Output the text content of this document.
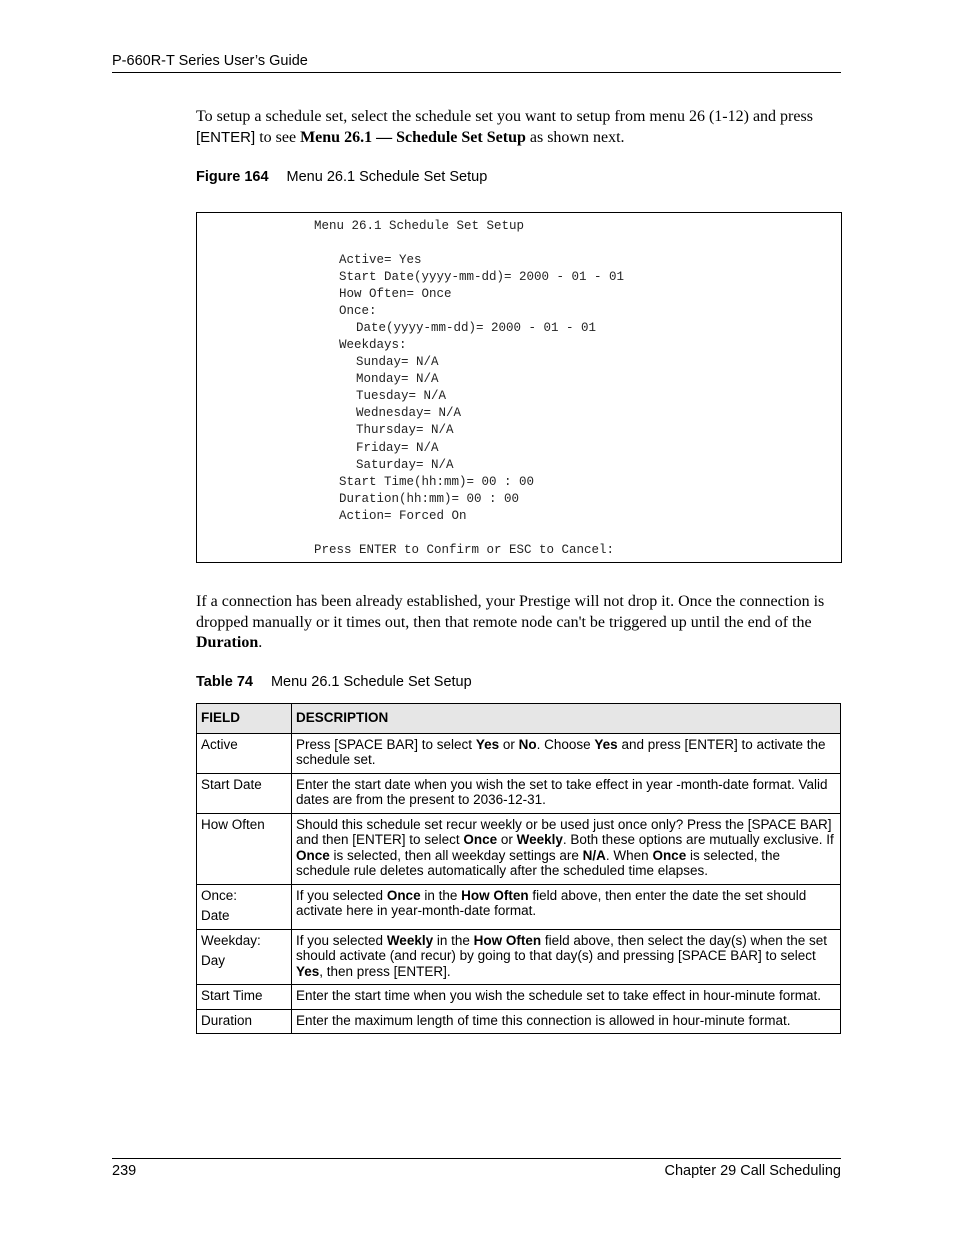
P-660R-T Series User’s Guide

To setup a schedule set, select the schedule set you want to setup from menu 26 (1-12) and press [ENTER] to see Menu 26.1 — Schedule Set Setup as shown next.

Figure 164 Menu 26.1 Schedule Set Setup
Menu 26.1 Schedule Set Setup
Active= Yes
Start Date(yyyy-mm-dd)= 2000 - 01 - 01
How Often= Once
Once:
Date(yyyy-mm-dd)= 2000 - 01 - 01
Weekdays:
Sunday= N/A
Monday= N/A
Tuesday= N/A
Wednesday= N/A
Thursday= N/A
Friday= N/A
Saturday= N/A
Start Time(hh:mm)= 00 : 00
Duration(hh:mm)= 00 : 00
Action= Forced On
Press ENTER to Confirm or ESC to Cancel:

If a connection has been already established, your Prestige will not drop it. Once the connection is dropped manually or it times out, then that remote node can't be triggered up until the end of the Duration.

Table 74 Menu 26.1 Schedule Set Setup
FIELD	DESCRIPTION
Active	Press [SPACE BAR] to select Yes or No. Choose Yes and press [ENTER] to activate the schedule set.
Start Date	Enter the start date when you wish the set to take effect in year -month-date format. Valid dates are from the present to 2036-12-31.
How Often	Should this schedule set recur weekly or be used just once only? Press the [SPACE BAR] and then [ENTER] to select Once or Weekly. Both these options are mutually exclusive. If Once is selected, then all weekday settings are N/A. When Once is selected, the schedule rule deletes automatically after the scheduled time elapses.
Once:
Date	If you selected Once in the How Often field above, then enter the date the set should activate here in year-month-date format.
Weekday:
Day	If you selected Weekly in the How Often field above, then select the day(s) when the set should activate (and recur) by going to that day(s) and pressing [SPACE BAR] to select Yes, then press [ENTER].
Start Time	Enter the start time when you wish the schedule set to take effect in hour-minute format.
Duration	Enter the maximum length of time this connection is allowed in hour-minute format.
239	Chapter 29 Call Scheduling
